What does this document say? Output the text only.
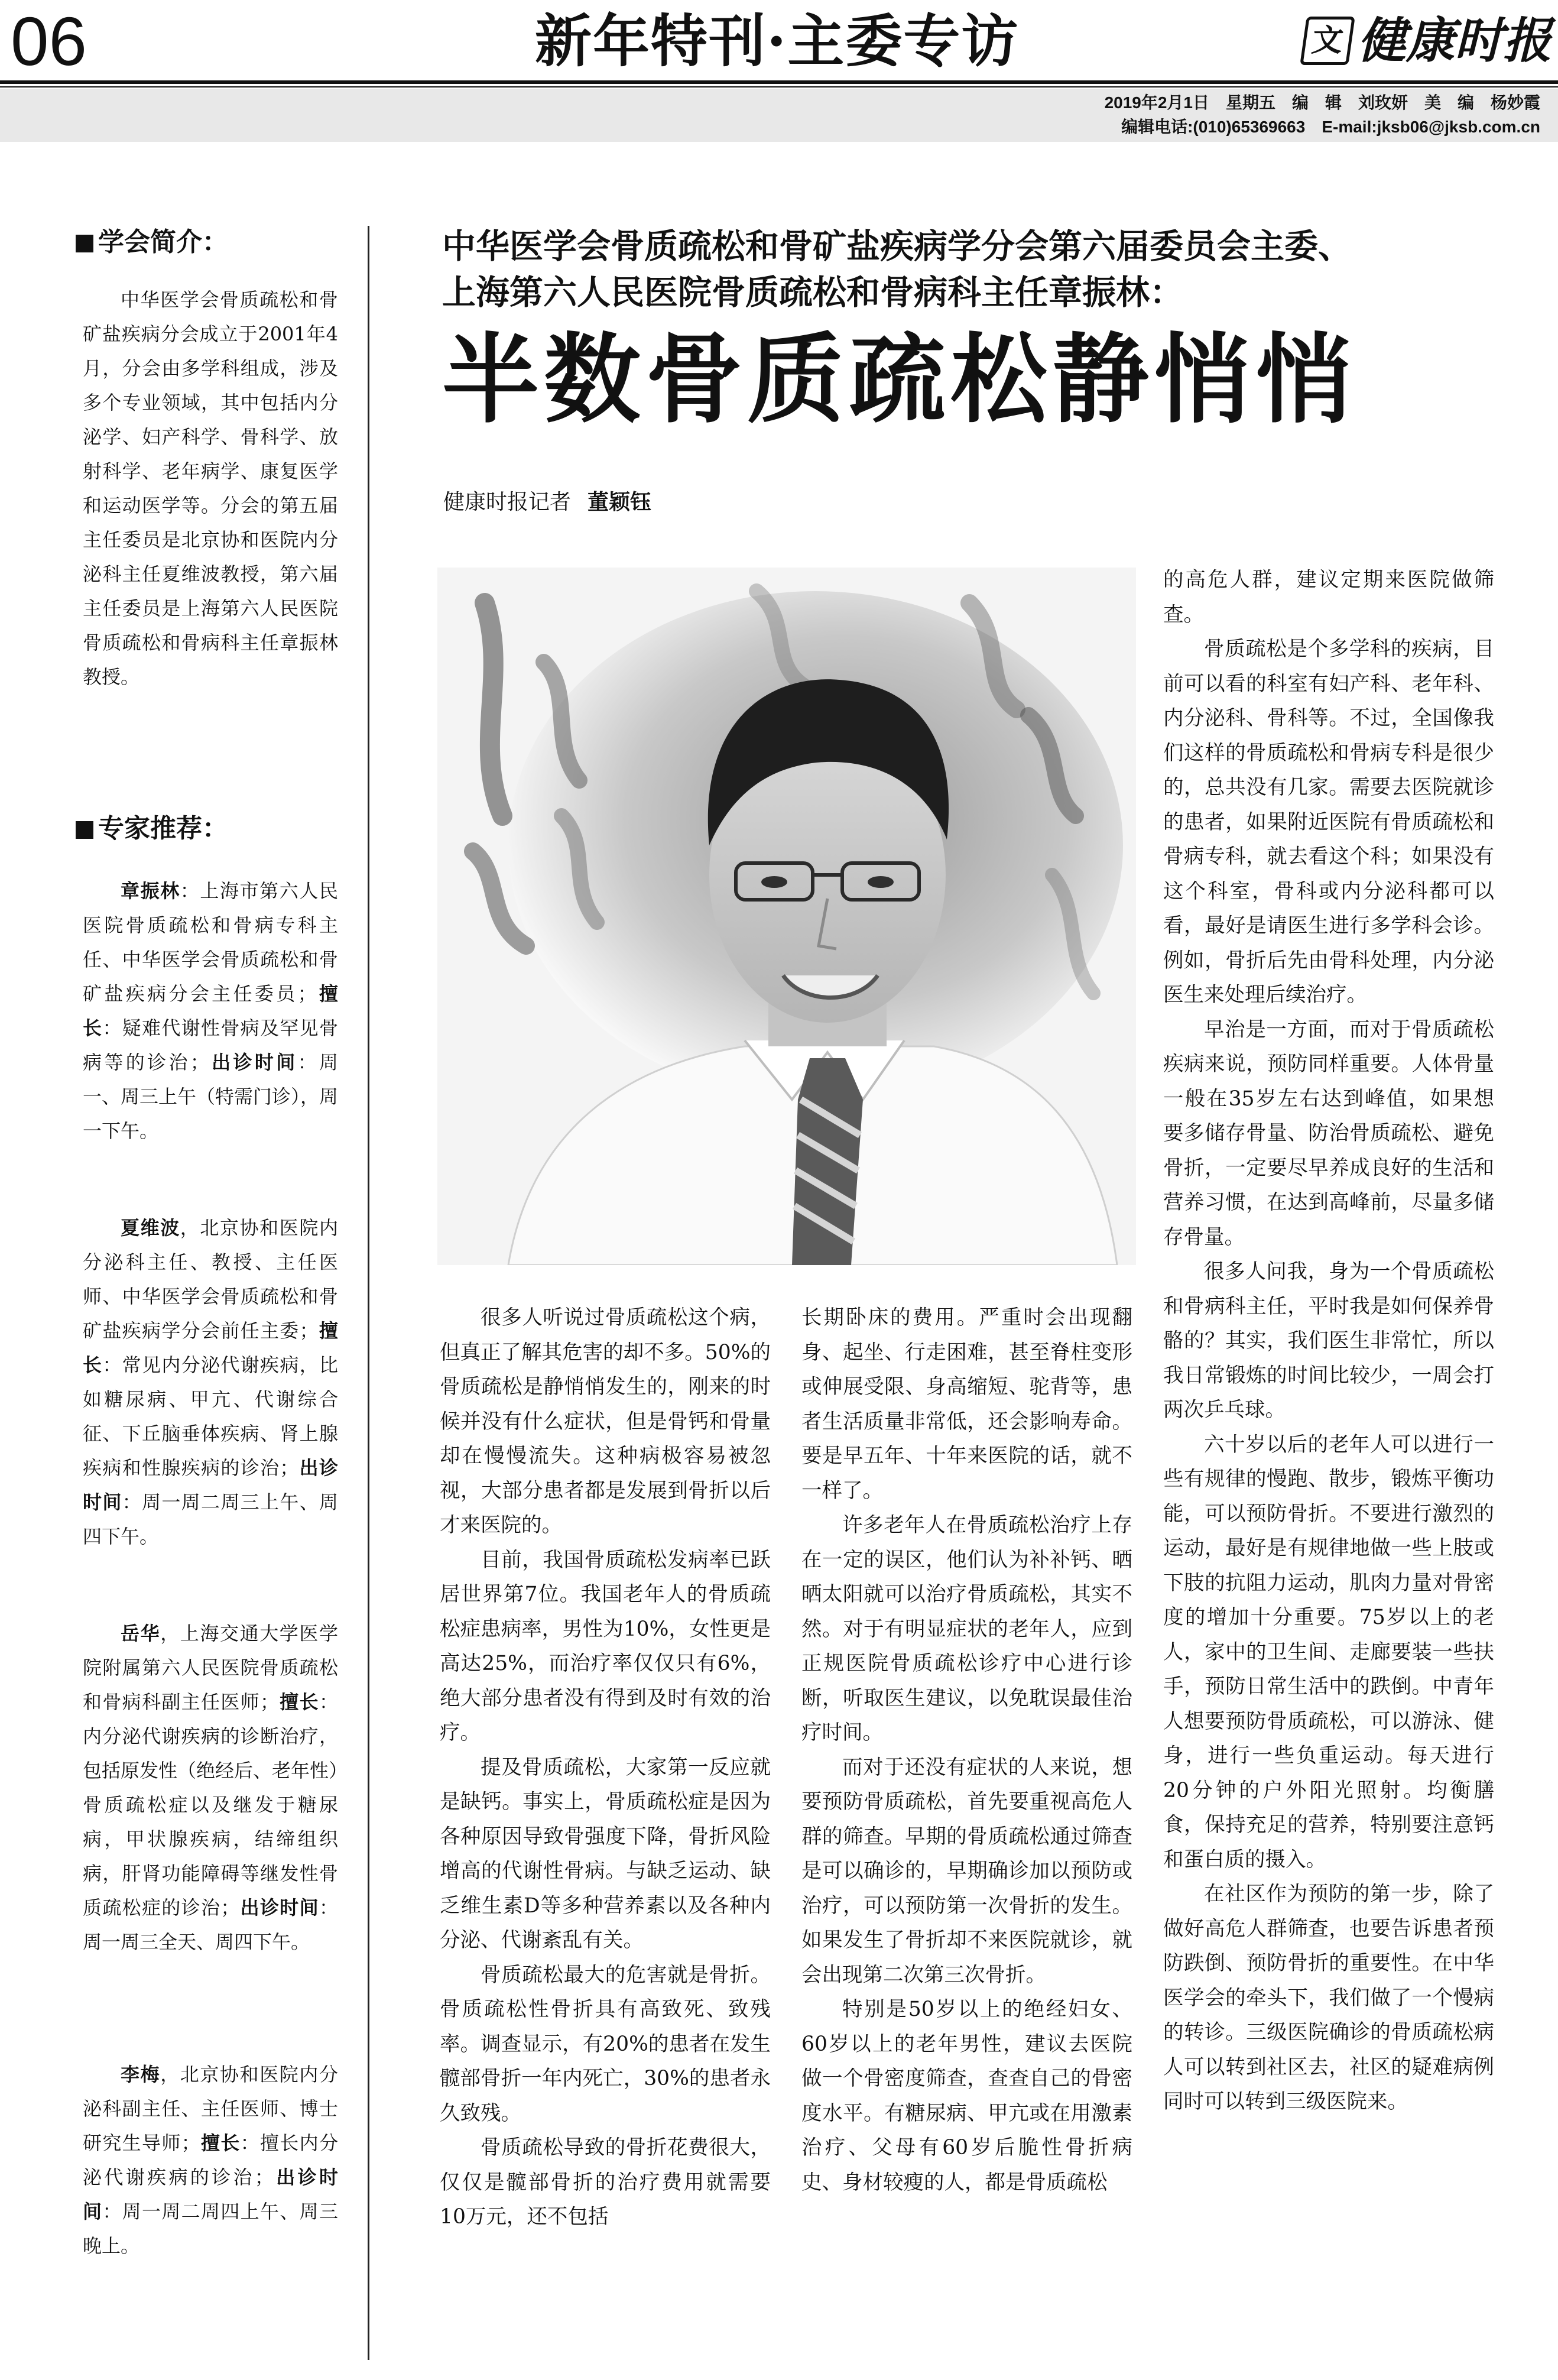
06	新年特刊·主委专访	文 健康时报
2019年2月1日　星期五　编　辑　刘玫妍　美　编　杨妙霞
编辑电话:(010)65369663　E-mail:jksb06@jksb.com.cn
学会简介：

中华医学会骨质疏松和骨矿盐疾病分会成立于2001年4月，分会由多学科组成，涉及多个专业领域，其中包括内分泌学、妇产科学、骨科学、放射科学、老年病学、康复医学和运动医学等。分会的第五届主任委员是北京协和医院内分泌科主任夏维波教授，第六届主任委员是上海第六人民医院骨质疏松和骨病科主任章振林教授。

专家推荐：

章振林：上海市第六人民医院骨质疏松和骨病专科主任、中华医学会骨质疏松和骨矿盐疾病分会主任委员；擅长：疑难代谢性骨病及罕见骨病等的诊治；出诊时间：周一、周三上午（特需门诊），周一下午。

夏维波，北京协和医院内分泌科主任、教授、主任医师、中华医学会骨质疏松和骨矿盐疾病学分会前任主委；擅长：常见内分泌代谢疾病，比如糖尿病、甲亢、代谢综合征、下丘脑垂体疾病、肾上腺疾病和性腺疾病的诊治；出诊时间：周一周二周三上午、周四下午。

岳华，上海交通大学医学院附属第六人民医院骨质疏松和骨病科副主任医师；擅长：内分泌代谢疾病的诊断治疗，包括原发性（绝经后、老年性）骨质疏松症以及继发于糖尿病，甲状腺疾病，结缔组织病，肝肾功能障碍等继发性骨质疏松症的诊治；出诊时间：周一周三全天、周四下午。

李梅，北京协和医院内分泌科副主任、主任医师、博士研究生导师；擅长：擅长内分泌代谢疾病的诊治；出诊时间：周一周二周四上午、周三晚上。

中华医学会骨质疏松和骨矿盐疾病学分会第六届委员会主委、
上海第六人民医院骨质疏松和骨病科主任章振林：
半数骨质疏松静悄悄
健康时报记者 董颖钰

的高危人群，建议定期来医院做筛查。

骨质疏松是个多学科的疾病，目前可以看的科室有妇产科、老年科、内分泌科、骨科等。不过，全国像我们这样的骨质疏松和骨病专科是很少的，总共没有几家。需要去医院就诊的患者，如果附近医院有骨质疏松和骨病专科，就去看这个科；如果没有这个科室，骨科或内分泌科都可以看，最好是请医生进行多学科会诊。例如，骨折后先由骨科处理，内分泌医生来处理后续治疗。

早治是一方面，而对于骨质疏松疾病来说，预防同样重要。人体骨量一般在35岁左右达到峰值，如果想要多储存骨量、防治骨质疏松、避免骨折，一定要尽早养成良好的生活和营养习惯，在达到高峰前，尽量多储存骨量。

很多人问我，身为一个骨质疏松和骨病科主任，平时我是如何保养骨骼的？其实，我们医生非常忙，所以我日常锻炼的时间比较少，一周会打两次乒乓球。

六十岁以后的老年人可以进行一些有规律的慢跑、散步，锻炼平衡功能，可以预防骨折。不要进行激烈的运动，最好是有规律地做一些上肢或下肢的抗阻力运动，肌肉力量对骨密度的增加十分重要。75岁以上的老人，家中的卫生间、走廊要装一些扶手，预防日常生活中的跌倒。中青年人想要预防骨质疏松，可以游泳、健身，进行一些负重运动。每天进行20分钟的户外阳光照射。均衡膳食，保持充足的营养，特别要注意钙和蛋白质的摄入。

在社区作为预防的第一步，除了做好高危人群筛查，也要告诉患者预防跌倒、预防骨折的重要性。在中华医学会的牵头下，我们做了一个慢病的转诊。三级医院确诊的骨质疏松病人可以转到社区去，社区的疑难病例同时可以转到三级医院来。

很多人听说过骨质疏松这个病，但真正了解其危害的却不多。50%的骨质疏松是静悄悄发生的，刚来的时候并没有什么症状，但是骨钙和骨量却在慢慢流失。这种病极容易被忽视，大部分患者都是发展到骨折以后才来医院的。

目前，我国骨质疏松发病率已跃居世界第7位。我国老年人的骨质疏松症患病率，男性为10%，女性更是高达25%，而治疗率仅仅只有6%，绝大部分患者没有得到及时有效的治疗。

提及骨质疏松，大家第一反应就是缺钙。事实上，骨质疏松症是因为各种原因导致骨强度下降，骨折风险增高的代谢性骨病。与缺乏运动、缺乏维生素D等多种营养素以及各种内分泌、代谢紊乱有关。

骨质疏松最大的危害就是骨折。骨质疏松性骨折具有高致死、致残率。调查显示，有20%的患者在发生髋部骨折一年内死亡，30%的患者永久致残。

骨质疏松导致的骨折花费很大，仅仅是髋部骨折的治疗费用就需要10万元，还不包括

长期卧床的费用。严重时会出现翻身、起坐、行走困难，甚至脊柱变形或伸展受限、身高缩短、驼背等，患者生活质量非常低，还会影响寿命。要是早五年、十年来医院的话，就不一样了。

许多老年人在骨质疏松治疗上存在一定的误区，他们认为补补钙、晒晒太阳就可以治疗骨质疏松，其实不然。对于有明显症状的老年人，应到正规医院骨质疏松诊疗中心进行诊断，听取医生建议，以免耽误最佳治疗时间。

而对于还没有症状的人来说，想要预防骨质疏松，首先要重视高危人群的筛查。早期的骨质疏松通过筛查是可以确诊的，早期确诊加以预防或治疗，可以预防第一次骨折的发生。如果发生了骨折却不来医院就诊，就会出现第二次第三次骨折。

特别是50岁以上的绝经妇女、60岁以上的老年男性，建议去医院做一个骨密度筛查，查查自己的骨密度水平。有糖尿病、甲亢或在用激素治疗、父母有60岁后脆性骨折病史、身材较瘦的人，都是骨质疏松
